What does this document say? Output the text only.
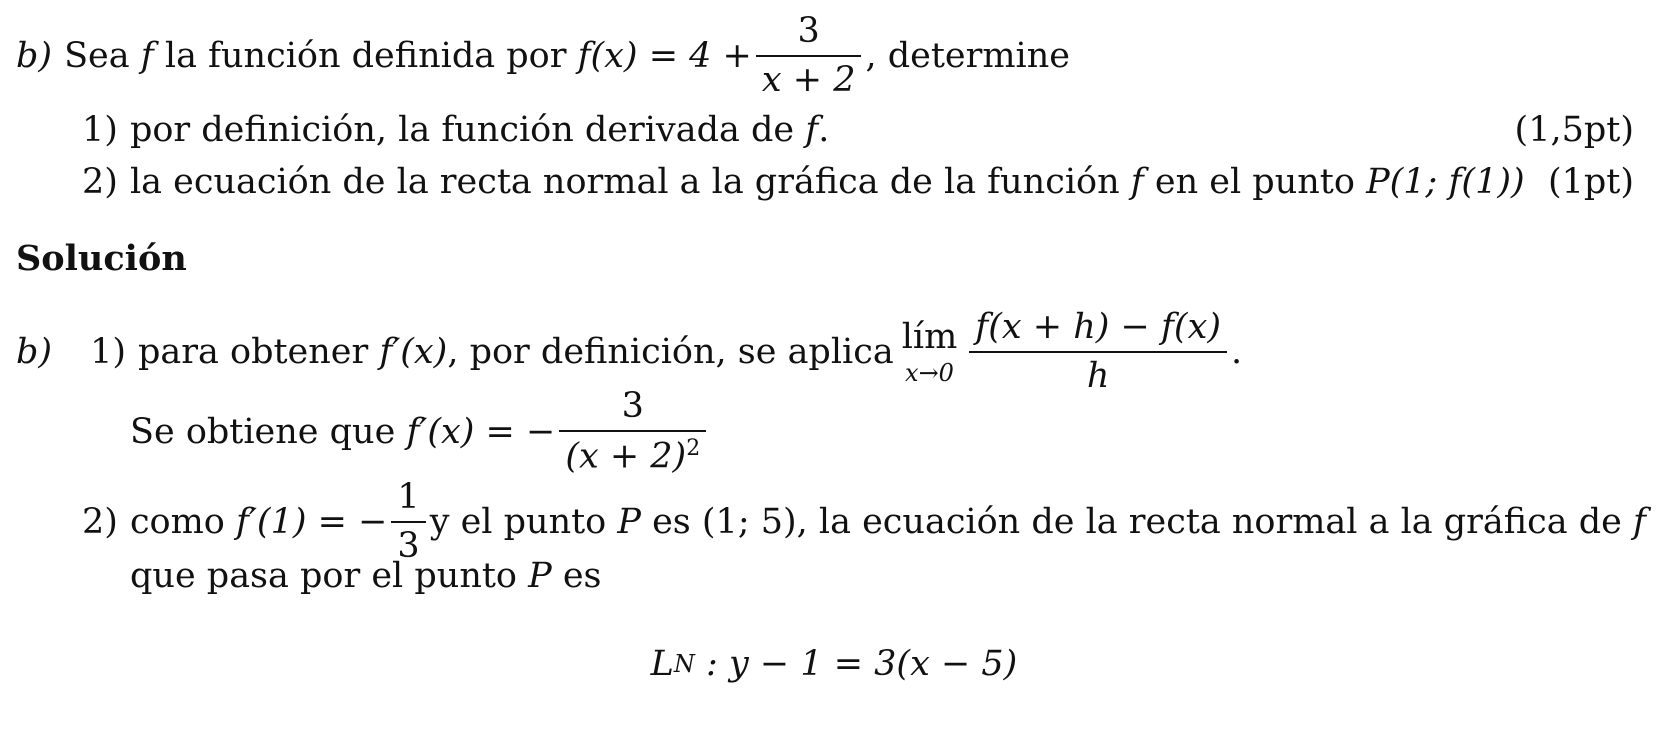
b) Sea
f
la función definida por
$f(x) = 4 + \frac{3}{x + 2}$ , determine
1) por definición, la función derivada de
f .	(1,5pt)
2) la ecuación de la recta normal a la gráfica de la función
f
en el punto
P(1; f(1)) (1pt)
Solución
b) 1) para obtener
f′(x) , por definición, se aplica lím
$x\to 0 \frac{f(x + h) - f(x)}{h}$ .
Se obtiene que
f′(x) = − $\frac{3}{(x + 2)^2}$
2) como
f′(1) = − $\frac{1}{3}$ y el punto
P
es (1; 5), la ecuación de la recta normal a la gráfica de
f
que pasa por el punto
P
es
L N : y − 1 = 3(x − 5)
